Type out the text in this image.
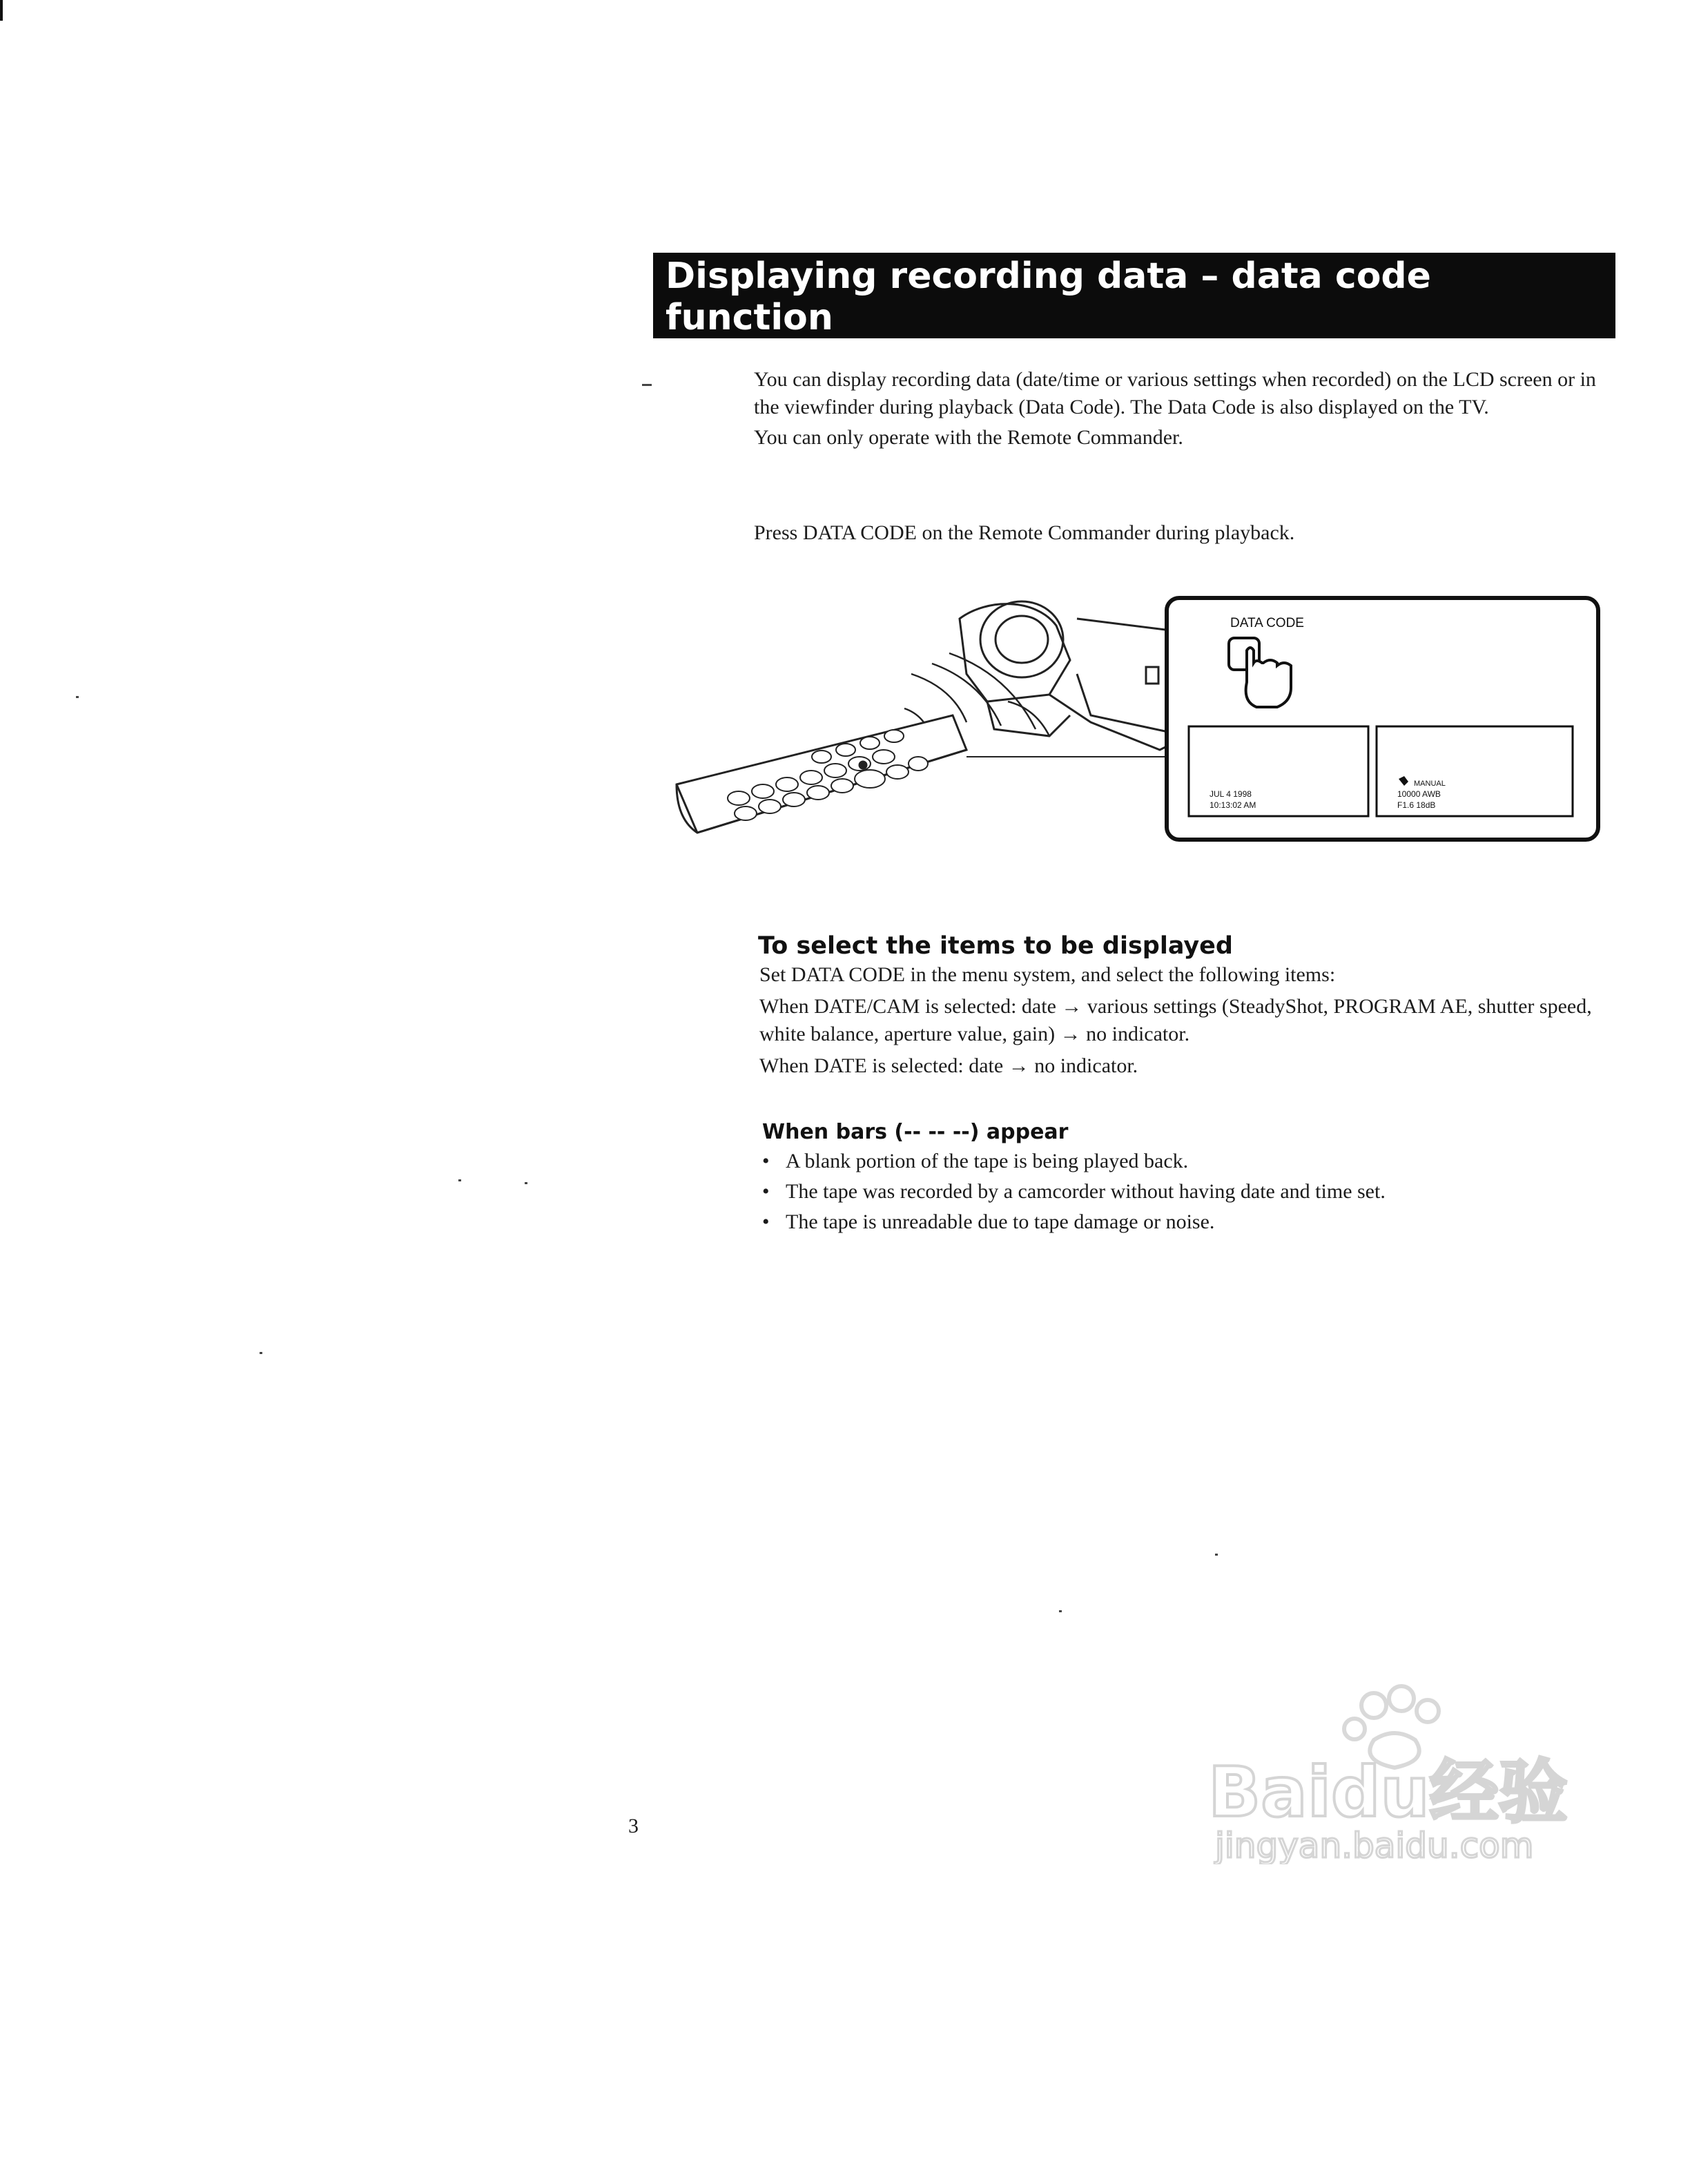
Displaying recording data – data code
function

You can display recording data (date/time or various settings when recorded) on the LCD screen or in the viewfinder during playback (Data Code). The Data Code is also displayed on the TV.

You can only operate with the Remote Commander.

Press DATA CODE on the Remote Commander during playback.
DATA CODE
JUL 4 1998
10:13:02 AM
MANUAL
10000 AWB
F1.6 18dB
To select the items to be displayed

Set DATA CODE in the menu system, and select the following items:

When DATE/CAM is selected: date → various settings (SteadyShot, PROGRAM AE, shutter speed, white balance, aperture value, gain) → no indicator.

When DATE is selected: date → no indicator.

When bars (-- -- --) appear
• A blank portion of the tape is being played back.
• The tape was recorded by a camcorder without having date and time set.
• The tape is unreadable due to tape damage or noise.
3	Baidu经验
jingyan.baidu.com
